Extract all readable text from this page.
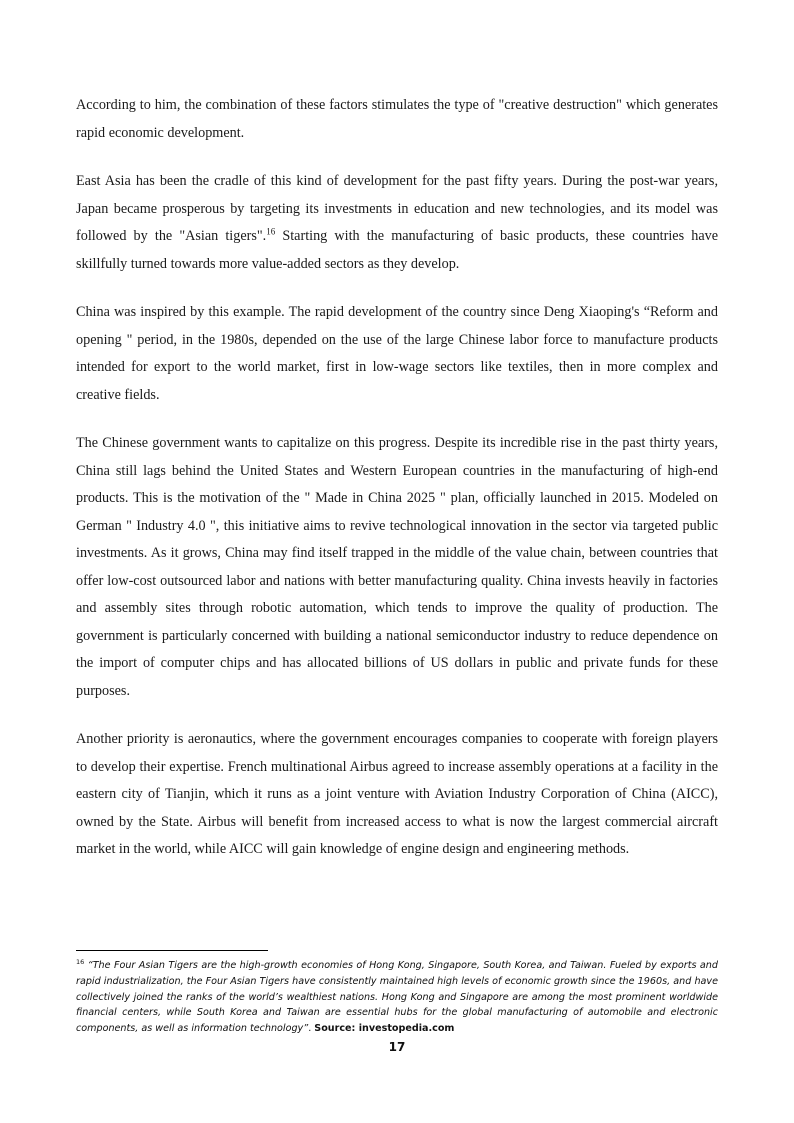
According to him, the combination of these factors stimulates the type of "creative destruction" which generates rapid economic development.

East Asia has been the cradle of this kind of development for the past fifty years. During the post-war years, Japan became prosperous by targeting its investments in education and new technologies, and its model was followed by the "Asian tigers".$^{16}$ Starting with the manufacturing of basic products, these countries have skillfully turned towards more value-added sectors as they develop.

China was inspired by this example. The rapid development of the country since Deng Xiaoping's “Reform and opening " period, in the 1980s, depended on the use of the large Chinese labor force to manufacture products intended for export to the world market, first in low-wage sectors like textiles, then in more complex and creative fields.

The Chinese government wants to capitalize on this progress. Despite its incredible rise in the past thirty years, China still lags behind the United States and Western European countries in the manufacturing of high-end products. This is the motivation of the " Made in China 2025 " plan, officially launched in 2015. Modeled on German " Industry 4.0 ", this initiative aims to revive technological innovation in the sector via targeted public investments. As it grows, China may find itself trapped in the middle of the value chain, between countries that offer low-cost outsourced labor and nations with better manufacturing quality. China invests heavily in factories and assembly sites through robotic automation, which tends to improve the quality of production. The government is particularly concerned with building a national semiconductor industry to reduce dependence on the import of computer chips and has allocated billions of US dollars in public and private funds for these purposes.

Another priority is aeronautics, where the government encourages companies to cooperate with foreign players to develop their expertise. French multinational Airbus agreed to increase assembly operations at a facility in the eastern city of Tianjin, which it runs as a joint venture with Aviation Industry Corporation of China (AICC), owned by the State. Airbus will benefit from increased access to what is now the largest commercial aircraft market in the world, while AICC will gain knowledge of engine design and engineering methods.

$^{16}$ “The Four Asian Tigers are the high-growth economies of Hong Kong, Singapore, South Korea, and Taiwan. Fueled by exports and rapid industrialization, the Four Asian Tigers have consistently maintained high levels of economic growth since the 1960s, and have collectively joined the ranks of the world’s wealthiest nations. Hong Kong and Singapore are among the most prominent worldwide financial centers, while South Korea and Taiwan are essential hubs for the global manufacturing of automobile and electronic components, as well as information technology”. Source: investopedia.com
17
